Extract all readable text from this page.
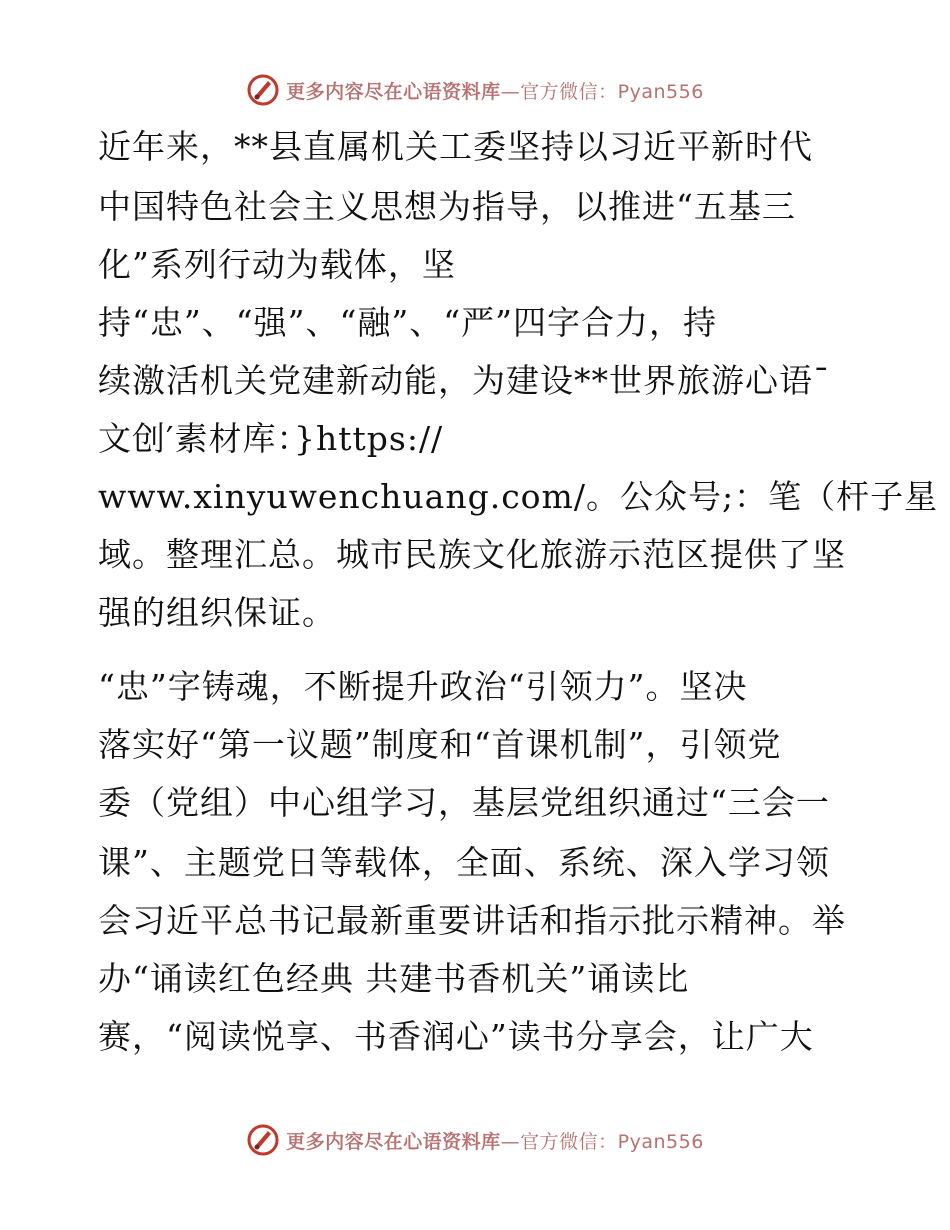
更多内容尽在心语资料库—官方微信：Pyan556
近年来，**县直属机关工委坚持以习近平新时代
中国特色社会主义思想为指导，以推进“五基三
化”系列行动为载体，坚
持“忠”、“强”、“融”、“严”四字合力，持
续激活机关党建新动能，为建设**世界旅游心语¯
文创′素材库：}https://
www.xinyuwenchuang.com/。公众号;：笔（杆子星
域。整理汇总。城市民族文化旅游示范区提供了坚
强的组织保证。
“忠”字铸魂，不断提升政治“引领力”。坚决
落实好“第一议题”制度和“首课机制”，引领党
委（党组）中心组学习，基层党组织通过“三会一
课”、主题党日等载体，全面、系统、深入学习领
会习近平总书记最新重要讲话和指示批示精神。举
办“诵读红色经典 共建书香机关”诵读比
赛，“阅读悦享、书香润心”读书分享会，让广大
更多内容尽在心语资料库—官方微信：Pyan556
